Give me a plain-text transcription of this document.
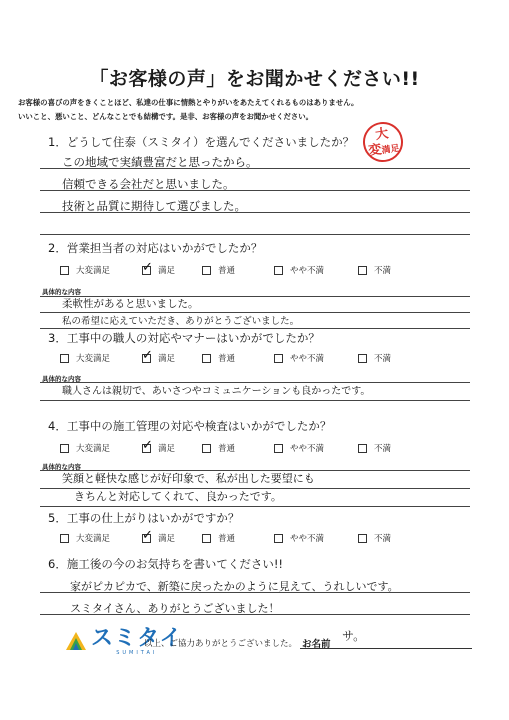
「お客様の声」をお聞かせください!!
お客様の喜びの声をきくことほど、私達の仕事に情熱とやりがいをあたえてくれるものはありません。
いいこと、悪いこと、どんなことでも結構です。是非、お客様の声をお聞かせください。
大
変満足
1．どうして住泰（スミタイ）を選んでくださいましたか？
この地域で実績豊富だと思ったから。
信頼できる会社だと思いました。
技術と品質に期待して選びました。
2．営業担当者の対応はいかがでしたか？
大変満足 ✓ 満足	普通	やや不満	不満
具体的な内容
柔軟性があると思いました。
私の希望に応えていただき、ありがとうございました。
3．工事中の職人の対応やマナーはいかがでしたか？
大変満足 ✓ 満足	普通	やや不満	不満
具体的な内容
職人さんは親切で、あいさつやコミュニケーションも良かったです。
4．工事中の施工管理の対応や検査はいかがでしたか？
大変満足 ✓ 満足	普通	やや不満	不満
具体的な内容
笑顔と軽快な感じが好印象で、私が出した要望にも
きちんと対応してくれて、良かったです。
5．工事の仕上がりはいかがですか？
大変満足 ✓ 満足	普通	やや不満	不満
6．施工後の今のお気持ちを書いてください!!
家がピカピカで、新築に戻ったかのように見えて、うれしいです。
スミタイさん、ありがとうございました！
スミタイ
SUMITAI
以上、ご協力ありがとうございました。 お名前
サ。
